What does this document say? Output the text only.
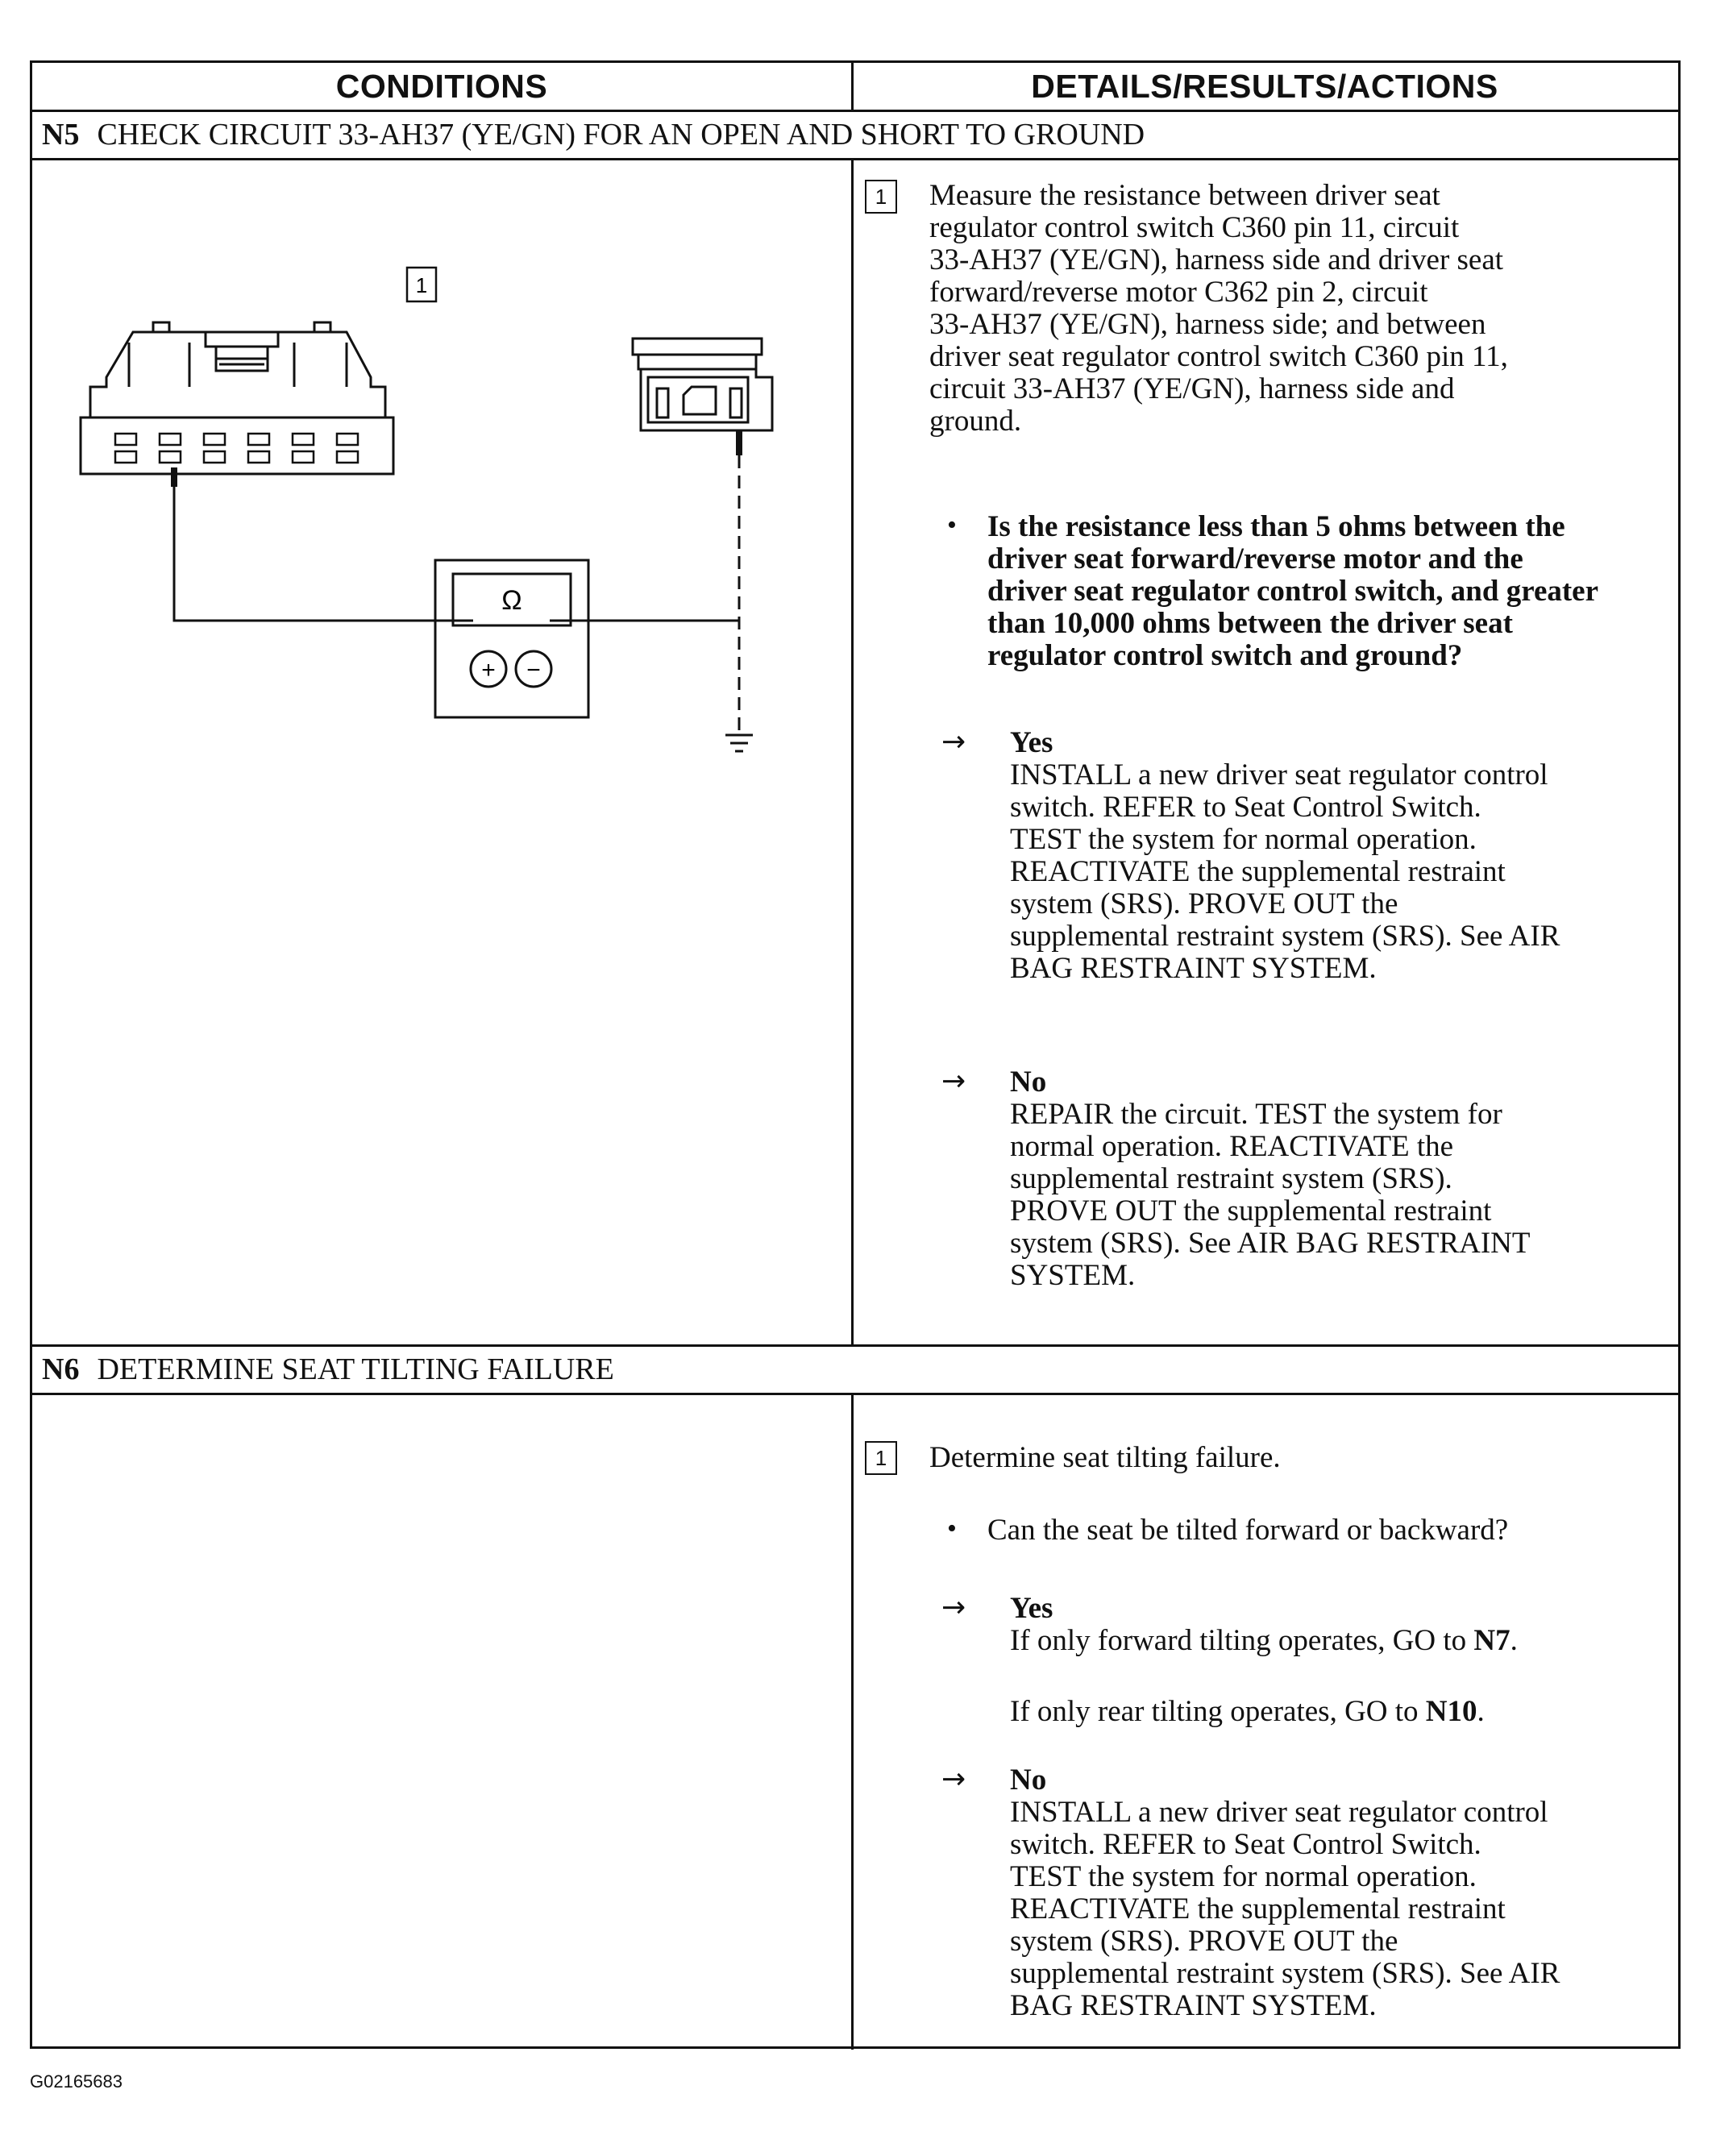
CONDITIONS	DETAILS/RESULTS/ACTIONS
N5 CHECK CIRCUIT 33-AH37 (YE/GN) FOR AN OPEN AND SHORT TO GROUND
1
Ω
+ −
1	Measure the resistance between driver seat
regulator control switch C360 pin 11, circuit
33-AH37 (YE/GN), harness side and driver seat
forward/reverse motor C362 pin 2, circuit
33-AH37 (YE/GN), harness side; and between
driver seat regulator control switch C360 pin 11,
circuit 33-AH37 (YE/GN), harness side and
ground.
• Is the resistance less than 5 ohms between the
driver seat forward/reverse motor and the
driver seat regulator control switch, and greater
than 10,000 ohms between the driver seat
regulator control switch and ground?
→ Yes
INSTALL a new driver seat regulator control
switch. REFER to Seat Control Switch.
TEST the system for normal operation.
REACTIVATE the supplemental restraint
system (SRS). PROVE OUT the
supplemental restraint system (SRS). See AIR
BAG RESTRAINT SYSTEM.
→ No
REPAIR the circuit. TEST the system for
normal operation. REACTIVATE the
supplemental restraint system (SRS).
PROVE OUT the supplemental restraint
system (SRS). See AIR BAG RESTRAINT
SYSTEM.
N6 DETERMINE SEAT TILTING FAILURE
1	Determine seat tilting failure.
• Can the seat be tilted forward or backward?
→ Yes
If only forward tilting operates, GO to N7.
If only rear tilting operates, GO to N10.
→ No
INSTALL a new driver seat regulator control
switch. REFER to Seat Control Switch.
TEST the system for normal operation.
REACTIVATE the supplemental restraint
system (SRS). PROVE OUT the
supplemental restraint system (SRS). See AIR
BAG RESTRAINT SYSTEM.
G02165683
